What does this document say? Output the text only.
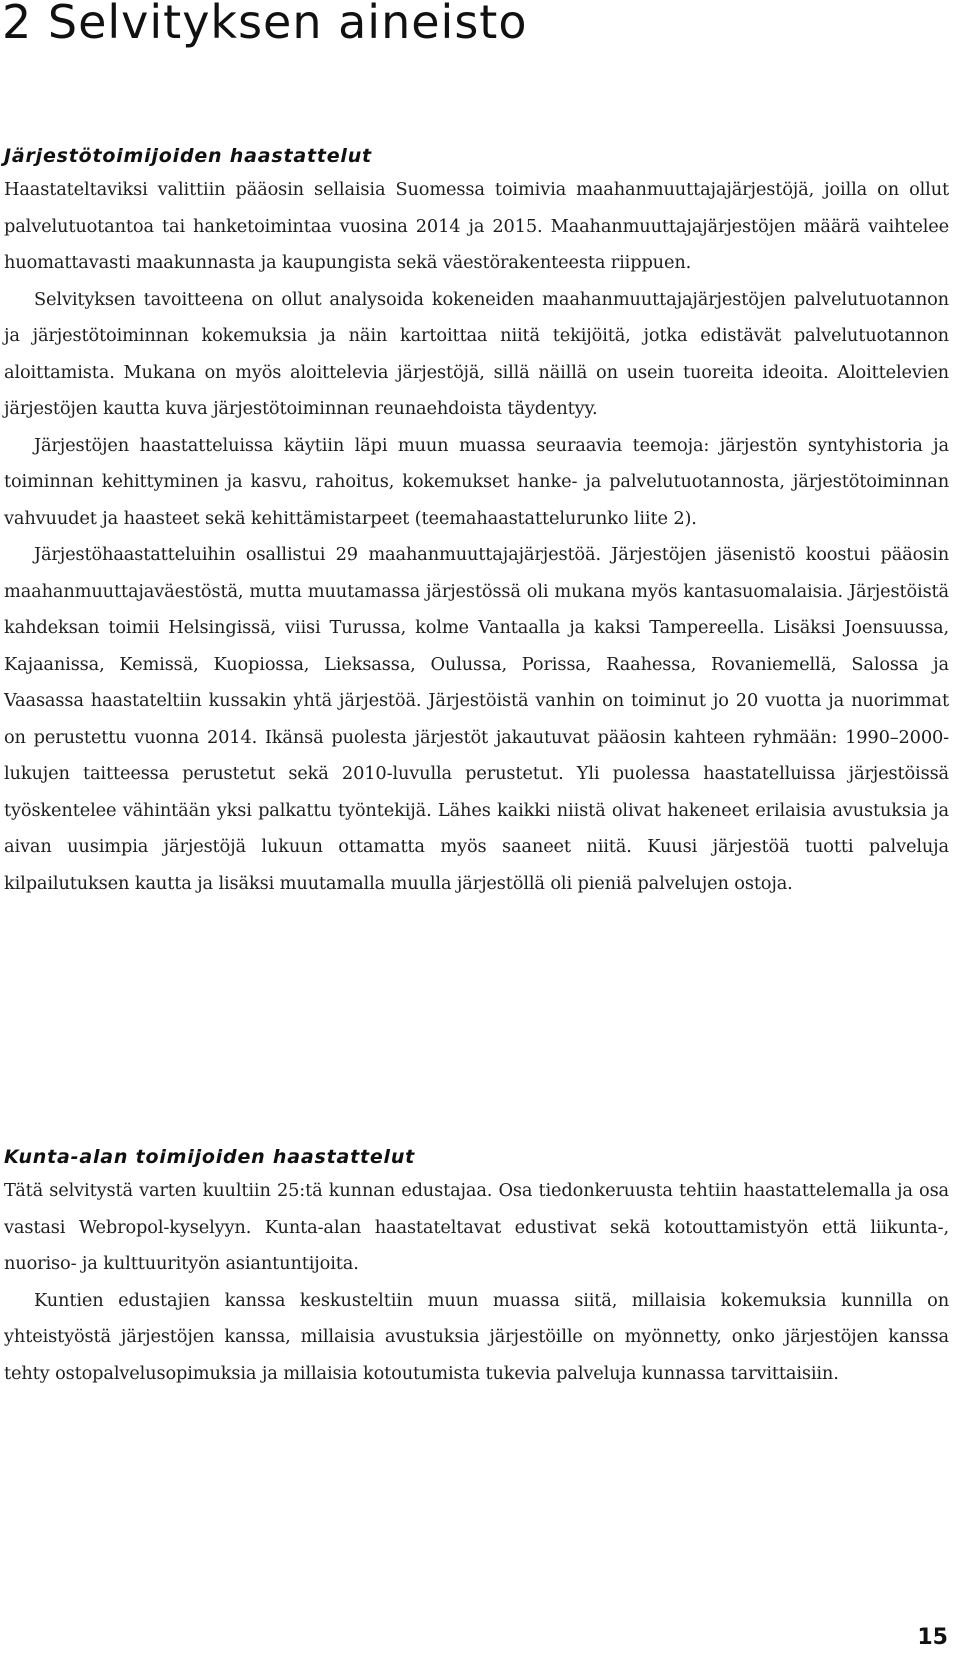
2 Selvityksen aineisto
Järjestötoimijoiden haastattelut

Haastateltaviksi valittiin pääosin sellaisia Suomessa toimivia maahanmuuttajajärjestöjä, joilla on ollut palvelutuotantoa tai hanketoimintaa vuosina 2014 ja 2015. Maahanmuuttajajärjestöjen määrä vaihtelee huomattavasti maakunnasta ja kaupungista sekä väestörakenteesta riippuen.

Selvityksen tavoitteena on ollut analysoida kokeneiden maahanmuuttajajärjestöjen palvelutuotannon ja järjestötoiminnan kokemuksia ja näin kartoittaa niitä tekijöitä, jotka edistävät palvelutuotannon aloittamista. Mukana on myös aloittelevia järjestöjä, sillä näillä on usein tuoreita ideoita. Aloittelevien järjestöjen kautta kuva järjestötoiminnan reunaehdoista täydentyy.

Järjestöjen haastatteluissa käytiin läpi muun muassa seuraavia teemoja: järjestön syntyhistoria ja toiminnan kehittyminen ja kasvu, rahoitus, kokemukset hanke- ja palvelutuotannosta, järjestötoiminnan vahvuudet ja haasteet sekä kehittämistarpeet (teemahaastattelurunko liite 2).

Järjestöhaastatteluihin osallistui 29 maahanmuuttajajärjestöä. Järjestöjen jäsenistö koostui pääosin maahanmuuttajaväestöstä, mutta muutamassa järjestössä oli mukana myös kantasuomalaisia. Järjestöistä kahdeksan toimii Helsingissä, viisi Turussa, kolme Vantaalla ja kaksi Tampereella. Lisäksi Joensuussa, Kajaanissa, Kemissä, Kuopiossa, Lieksassa, Oulussa, Porissa, Raahessa, Rovaniemellä, Salossa ja Vaasassa haastateltiin kussakin yhtä järjestöä. Järjestöistä vanhin on toiminut jo 20 vuotta ja nuorimmat on perustettu vuonna 2014. Ikänsä puolesta järjestöt jakautuvat pääosin kahteen ryhmään: 1990–2000-lukujen taitteessa perustetut sekä 2010-luvulla perustetut. Yli puolessa haastatelluissa järjestöissä työskentelee vähintään yksi palkattu työntekijä. Lähes kaikki niistä olivat hakeneet erilaisia avustuksia ja aivan uusimpia järjestöjä lukuun ottamatta myös saaneet niitä. Kuusi järjestöä tuotti palveluja kilpailutuksen kautta ja lisäksi muutamalla muulla järjestöllä oli pieniä palvelujen ostoja.

Kunta-alan toimijoiden haastattelut

Tätä selvitystä varten kuultiin 25:tä kunnan edustajaa. Osa tiedonkeruusta tehtiin haastattelemalla ja osa vastasi Webropol-kyselyyn. Kunta-alan haastateltavat edustivat sekä kotouttamistyön että liikunta-, nuoriso- ja kulttuurityön asiantuntijoita.

Kuntien edustajien kanssa keskusteltiin muun muassa siitä, millaisia kokemuksia kunnilla on yhteistyöstä järjestöjen kanssa, millaisia avustuksia järjestöille on myönnetty, onko järjestöjen kanssa tehty ostopalvelusopimuksia ja millaisia kotoutumista tukevia palveluja kunnassa tarvittaisiin.

15
